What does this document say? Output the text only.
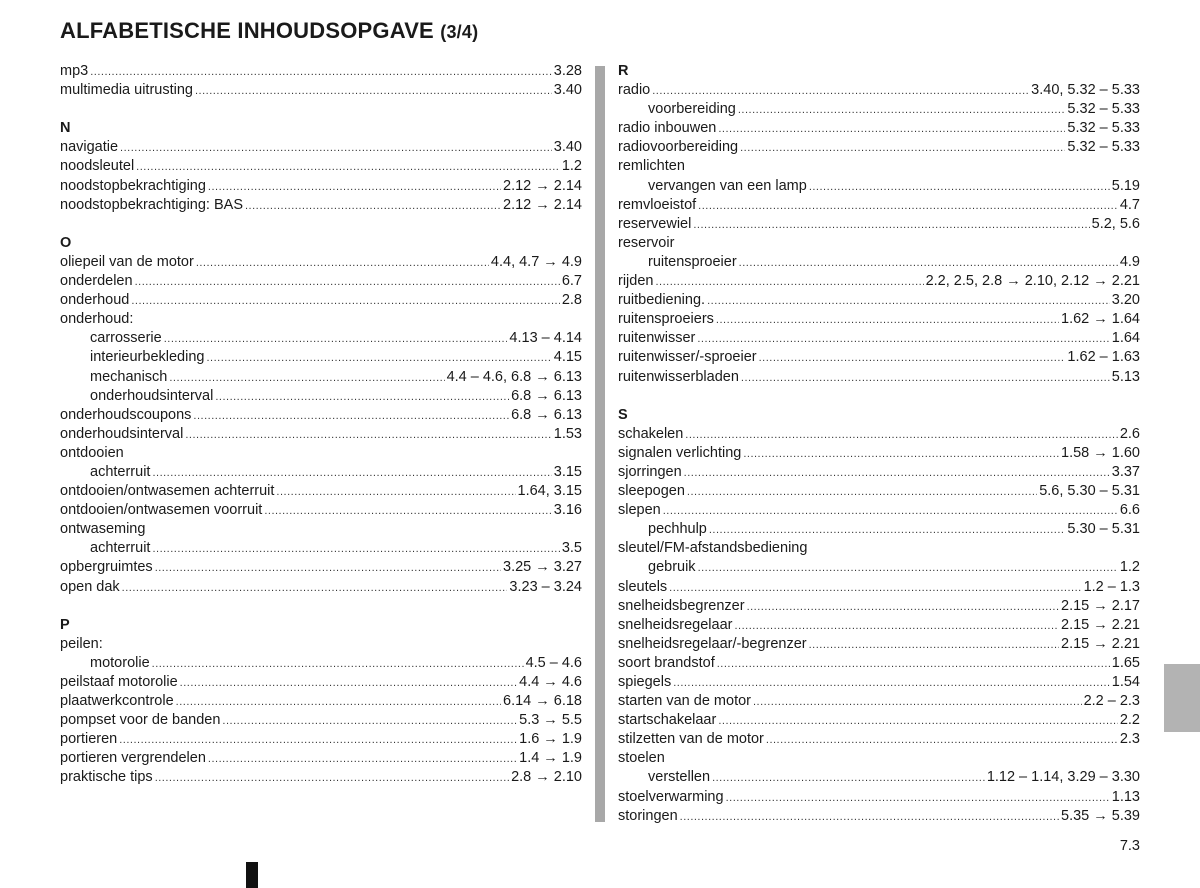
ALFABETISCHE INHOUDSOPGAVE (3/4)
mp3 .....	3.28
multimedia uitrusting .....	3.40
N
navigatie .....	3.40
noodsleutel .....	1.2
noodstopbekrachtiging .....	2.12 → 2.14
noodstopbekrachtiging: BAS .....	2.12 → 2.14
O
oliepeil van de motor .....	4.4, 4.7 → 4.9
onderdelen .....	6.7
onderhoud .....	2.8
onderhoud:
carrosserie .....	4.13 – 4.14
interieurbekleding .....	4.15
mechanisch .....	4.4 – 4.6, 6.8 → 6.13
onderhoudsinterval .....	6.8 → 6.13
onderhoudscoupons .....	6.8 → 6.13
onderhoudsinterval .....	1.53
ontdooien
achterruit .....	3.15
ontdooien/ontwasemen achterruit .....	1.64, 3.15
ontdooien/ontwasemen voorruit .....	3.16
ontwaseming
achterruit .....	3.5
opbergruimtes .....	3.25 → 3.27
open dak .....	3.23 – 3.24
P
peilen:
motorolie .....	4.5 – 4.6
peilstaaf motorolie .....	4.4 → 4.6
plaatwerkcontrole .....	6.14 → 6.18
pompset voor de banden .....	5.3 → 5.5
portieren .....	1.6 → 1.9
portieren vergrendelen .....	1.4 → 1.9
praktische tips .....	2.8 → 2.10
R
radio .....	3.40, 5.32 – 5.33
voorbereiding .....	5.32 – 5.33
radio inbouwen .....	5.32 – 5.33
radiovoorbereiding .....	5.32 – 5.33
remlichten
vervangen van een lamp .....	5.19
remvloeistof .....	4.7
reservewiel .....	5.2, 5.6
reservoir
ruitensproeier .....	4.9
rijden .....	2.2, 2.5, 2.8 → 2.10, 2.12 → 2.21
ruitbediening. .....	3.20
ruitensproeiers .....	1.62 → 1.64
ruitenwisser .....	1.64
ruitenwisser/-sproeier .....	1.62 – 1.63
ruitenwisserbladen .....	5.13
S
schakelen .....	2.6
signalen verlichting .....	1.58 → 1.60
sjorringen .....	3.37
sleepogen .....	5.6, 5.30 – 5.31
slepen .....	6.6
pechhulp .....	5.30 – 5.31
sleutel/FM-afstandsbediening
gebruik .....	1.2
sleutels .....	1.2 – 1.3
snelheidsbegrenzer .....	2.15 → 2.17
snelheidsregelaar .....	2.15 → 2.21
snelheidsregelaar/-begrenzer .....	2.15 → 2.21
soort brandstof .....	1.65
spiegels .....	1.54
starten van de motor .....	2.2 – 2.3
startschakelaar .....	2.2
stilzetten van de motor .....	2.3
stoelen
verstellen .....	1.12 – 1.14, 3.29 – 3.30
stoelverwarming .....	1.13
storingen .....	5.35 → 5.39
7.3
